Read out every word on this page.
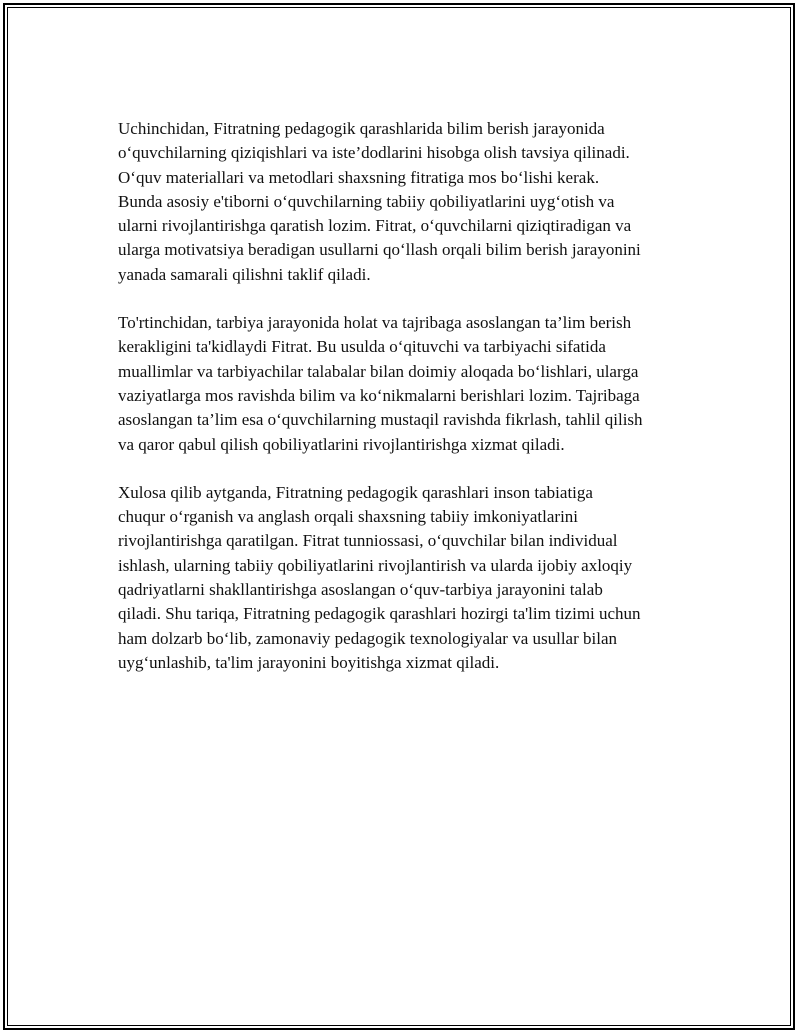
Uchinchidan, Fitratning pedagogik qarashlarida bilim berish jarayonida
o‘quvchilarning qiziqishlari va iste’dodlarini hisobga olish tavsiya qilinadi.
O‘quv materiallari va metodlari shaxsning fitratiga mos bo‘lishi kerak.
Bunda asosiy e'tiborni o‘quvchilarning tabiiy qobiliyatlarini uyg‘otish va
ularni rivojlantirishga qaratish lozim. Fitrat, o‘quvchilarni qiziqtiradigan va
ularga motivatsiya beradigan usullarni qo‘llash orqali bilim berish jarayonini
yanada samarali qilishni taklif qiladi.

To'rtinchidan, tarbiya jarayonida holat va tajribaga asoslangan ta’lim berish
kerakligini ta'kidlaydi Fitrat. Bu usulda o‘qituvchi va tarbiyachi sifatida
muallimlar va tarbiyachilar talabalar bilan doimiy aloqada bo‘lishlari, ularga
vaziyatlarga mos ravishda bilim va ko‘nikmalarni berishlari lozim. Tajribaga
asoslangan ta’lim esa o‘quvchilarning mustaqil ravishda fikrlash, tahlil qilish
va qaror qabul qilish qobiliyatlarini rivojlantirishga xizmat qiladi.

Xulosa qilib aytganda, Fitratning pedagogik qarashlari inson tabiatiga
chuqur o‘rganish va anglash orqali shaxsning tabiiy imkoniyatlarini
rivojlantirishga qaratilgan. Fitrat tunniossasi, o‘quvchilar bilan individual
ishlash, ularning tabiiy qobiliyatlarini rivojlantirish va ularda ijobiy axloqiy
qadriyatlarni shakllantirishga asoslangan o‘quv-tarbiya jarayonini talab
qiladi. Shu tariqa, Fitratning pedagogik qarashlari hozirgi ta'lim tizimi uchun
ham dolzarb bo‘lib, zamonaviy pedagogik texnologiyalar va usullar bilan
uyg‘unlashib, ta'lim jarayonini boyitishga xizmat qiladi.
